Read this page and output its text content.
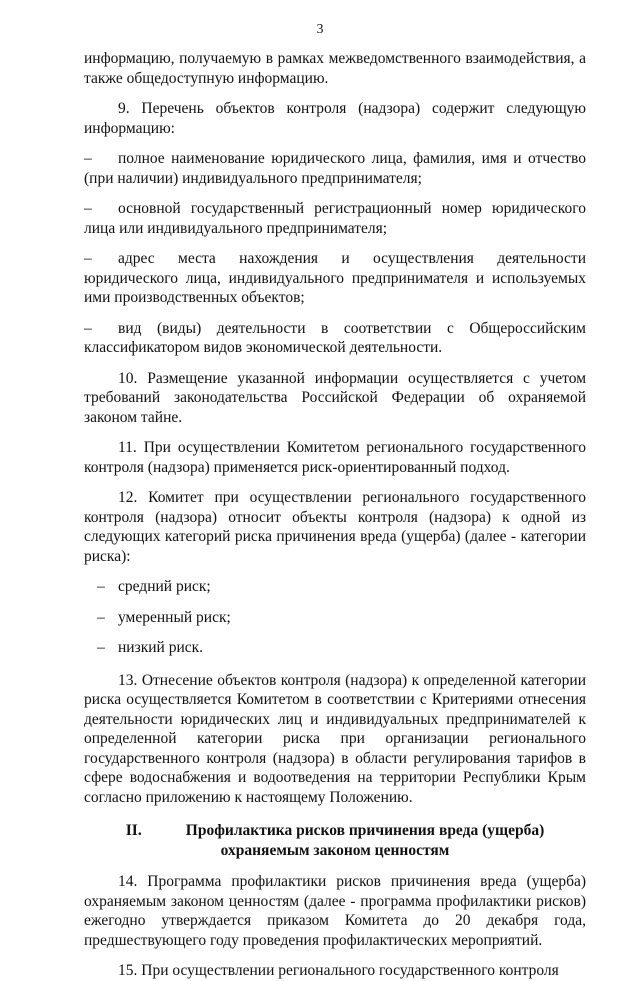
3

информацию, получаемую в рамках межведомственного взаимодействия, а также общедоступную информацию.

9. Перечень объектов контроля (надзора) содержит следующую информацию:

– полное наименование юридического лица, фамилия, имя и отчество (при наличии) индивидуального предпринимателя;

– основной государственный регистрационный номер юридического лица или индивидуального предпринимателя;

– адрес места нахождения и осуществления деятельности юридического лица, индивидуального предпринимателя и используемых ими производственных объектов;

– вид (виды) деятельности в соответствии с Общероссийским классификатором видов экономической деятельности.

10. Размещение указанной информации осуществляется с учетом требований законодательства Российской Федерации об охраняемой законом тайне.

11. При осуществлении Комитетом регионального государственного контроля (надзора) применяется риск-ориентированный подход.

12. Комитет при осуществлении регионального государственного контроля (надзора) относит объекты контроля (надзора) к одной из следующих категорий риска причинения вреда (ущерба) (далее - категории риска):

– средний риск;

– умеренный риск;

– низкий риск.

13. Отнесение объектов контроля (надзора) к определенной категории риска осуществляется Комитетом в соответствии с Критериями отнесения деятельности юридических лиц и индивидуальных предпринимателей к определенной категории риска при организации регионального государственного контроля (надзора) в области регулирования тарифов в сфере водоснабжения и водоотведения на территории Республики Крым согласно приложению к настоящему Положению.

II.	Профилактика рисков причинения вреда (ущерба)
охраняемым законом ценностям

14. Программа профилактики рисков причинения вреда (ущерба) охраняемым законом ценностям (далее - программа профилактики рисков) ежегодно утверждается приказом Комитета до 20 декабря года, предшествующего году проведения профилактических мероприятий.

15. При осуществлении регионального государственного контроля
